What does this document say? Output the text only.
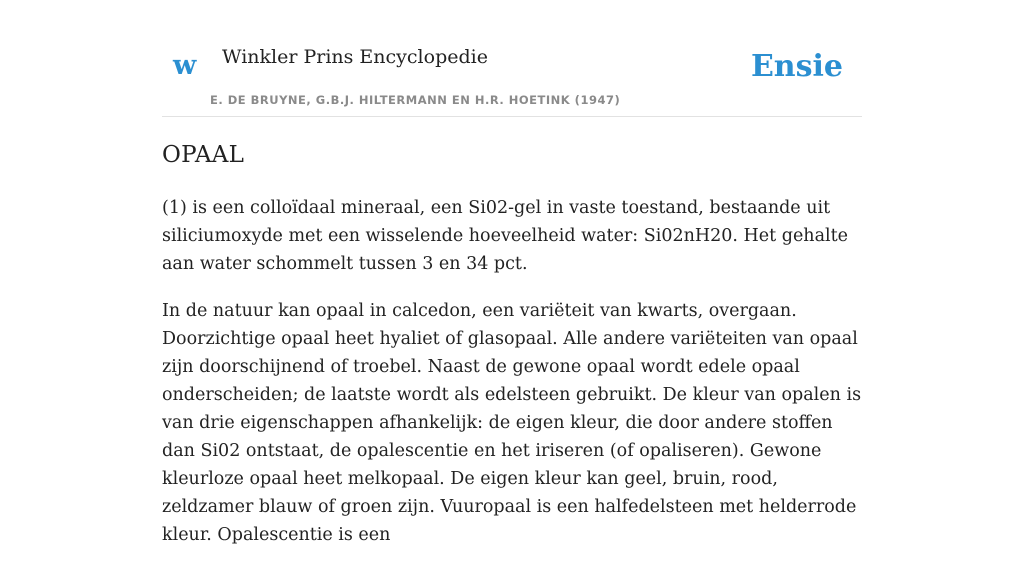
w Winkler Prins Encyclopedie
E. DE BRUYNE, G.B.J. HILTERMANN EN H.R. HOETINK (1947)
Ensie
OPAAL

(1) is een colloïdaal mineraal, een Si02-gel in vaste toestand, bestaande uit siliciumoxyde met een wisselende hoeveelheid water: Si02nH20. Het gehalte aan water schommelt tussen 3 en 34 pct.

In de natuur kan opaal in calcedon, een variëteit van kwarts, overgaan. Doorzichtige opaal heet hyaliet of glasopaal. Alle andere variëteiten van opaal zijn doorschijnend of troebel. Naast de gewone opaal wordt edele opaal onderscheiden; de laatste wordt als edelsteen gebruikt. De kleur van opalen is van drie eigenschappen afhankelijk: de eigen kleur, die door andere stoffen dan Si02 ontstaat, de opalescentie en het iriseren (of opaliseren). Gewone kleurloze opaal heet melkopaal. De eigen kleur kan geel, bruin, rood, zeldzamer blauw of groen zijn. Vuuropaal is een halfedelsteen met helderrode kleur. Opalescentie is een
